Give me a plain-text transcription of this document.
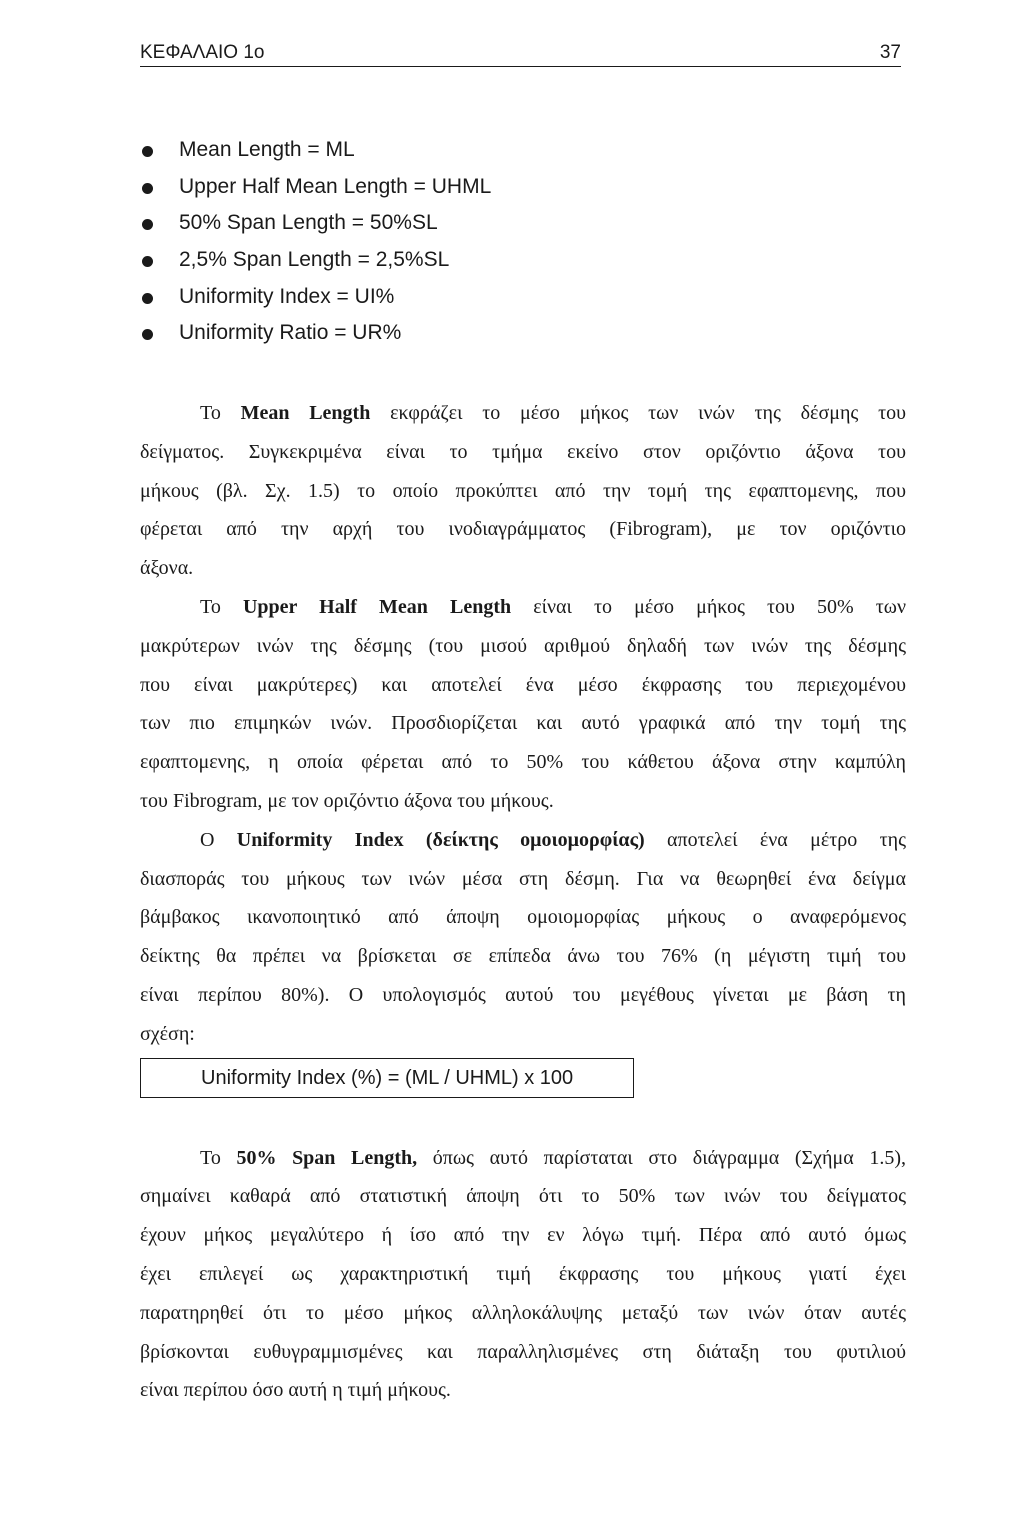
ΚΕΦΑΛΑΙΟ 1ο	37
Mean Length = ML
Upper Half Mean Length = UHML
50% Span Length = 50%SL
2,5% Span Length = 2,5%SL
Uniformity Index = UI%
Uniformity Ratio = UR%
Το Mean Length εκφράζει το μέσο μήκος των ινών της δέσμης του
δείγματος. Συγκεκριμένα είναι το τμήμα εκείνο στον οριζόντιο άξονα του
μήκους (βλ. Σχ. 1.5) το οποίο προκύπτει από την τομή της εφαπτομενης, που
φέρεται από την αρχή του ινοδιαγράμματος (Fibrogram), με τον οριζόντιο
άξονα.
Το Upper Half Mean Length είναι το μέσο μήκος του 50% των
μακρύτερων ινών της δέσμης (του μισού αριθμού δηλαδή των ινών της δέσμης
που είναι μακρύτερες) και αποτελεί ένα μέσο έκφρασης του περιεχομένου
των πιο επιμηκών ινών. Προσδιορίζεται και αυτό γραφικά από την τομή της
εφαπτομενης, η οποία φέρεται από το 50% του κάθετου άξονα στην καμπύλη
του Fibrogram, με τον οριζόντιο άξονα του μήκους.
Ο Uniformity Index (δείκτης ομοιομορφίας) αποτελεί ένα μέτρο της
διασποράς του μήκους των ινών μέσα στη δέσμη. Για να θεωρηθεί ένα δείγμα
βάμβακος ικανοποιητικό από άποψη ομοιομορφίας μήκους ο αναφερόμενος
δείκτης θα πρέπει να βρίσκεται σε επίπεδα άνω του 76% (η μέγιστη τιμή του
είναι περίπου 80%). Ο υπολογισμός αυτού του μεγέθους γίνεται με βάση τη
σχέση:
Uniformity Index (%) = (ML / UHML) x 100
Το 50% Span Length, όπως αυτό παρίσταται στο διάγραμμα (Σχήμα 1.5),
σημαίνει καθαρά από στατιστική άποψη ότι το 50% των ινών του δείγματος
έχουν μήκος μεγαλύτερο ή ίσο από την εν λόγω τιμή. Πέρα από αυτό όμως
έχει επιλεγεί ως χαρακτηριστική τιμή έκφρασης του μήκους γιατί έχει
παρατηρηθεί ότι το μέσο μήκος αλληλοκάλυψης μεταξύ των ινών όταν αυτές
βρίσκονται ευθυγραμμισμένες και παραλληλισμένες στη διάταξη του φυτιλιού
είναι περίπου όσο αυτή η τιμή μήκους.
